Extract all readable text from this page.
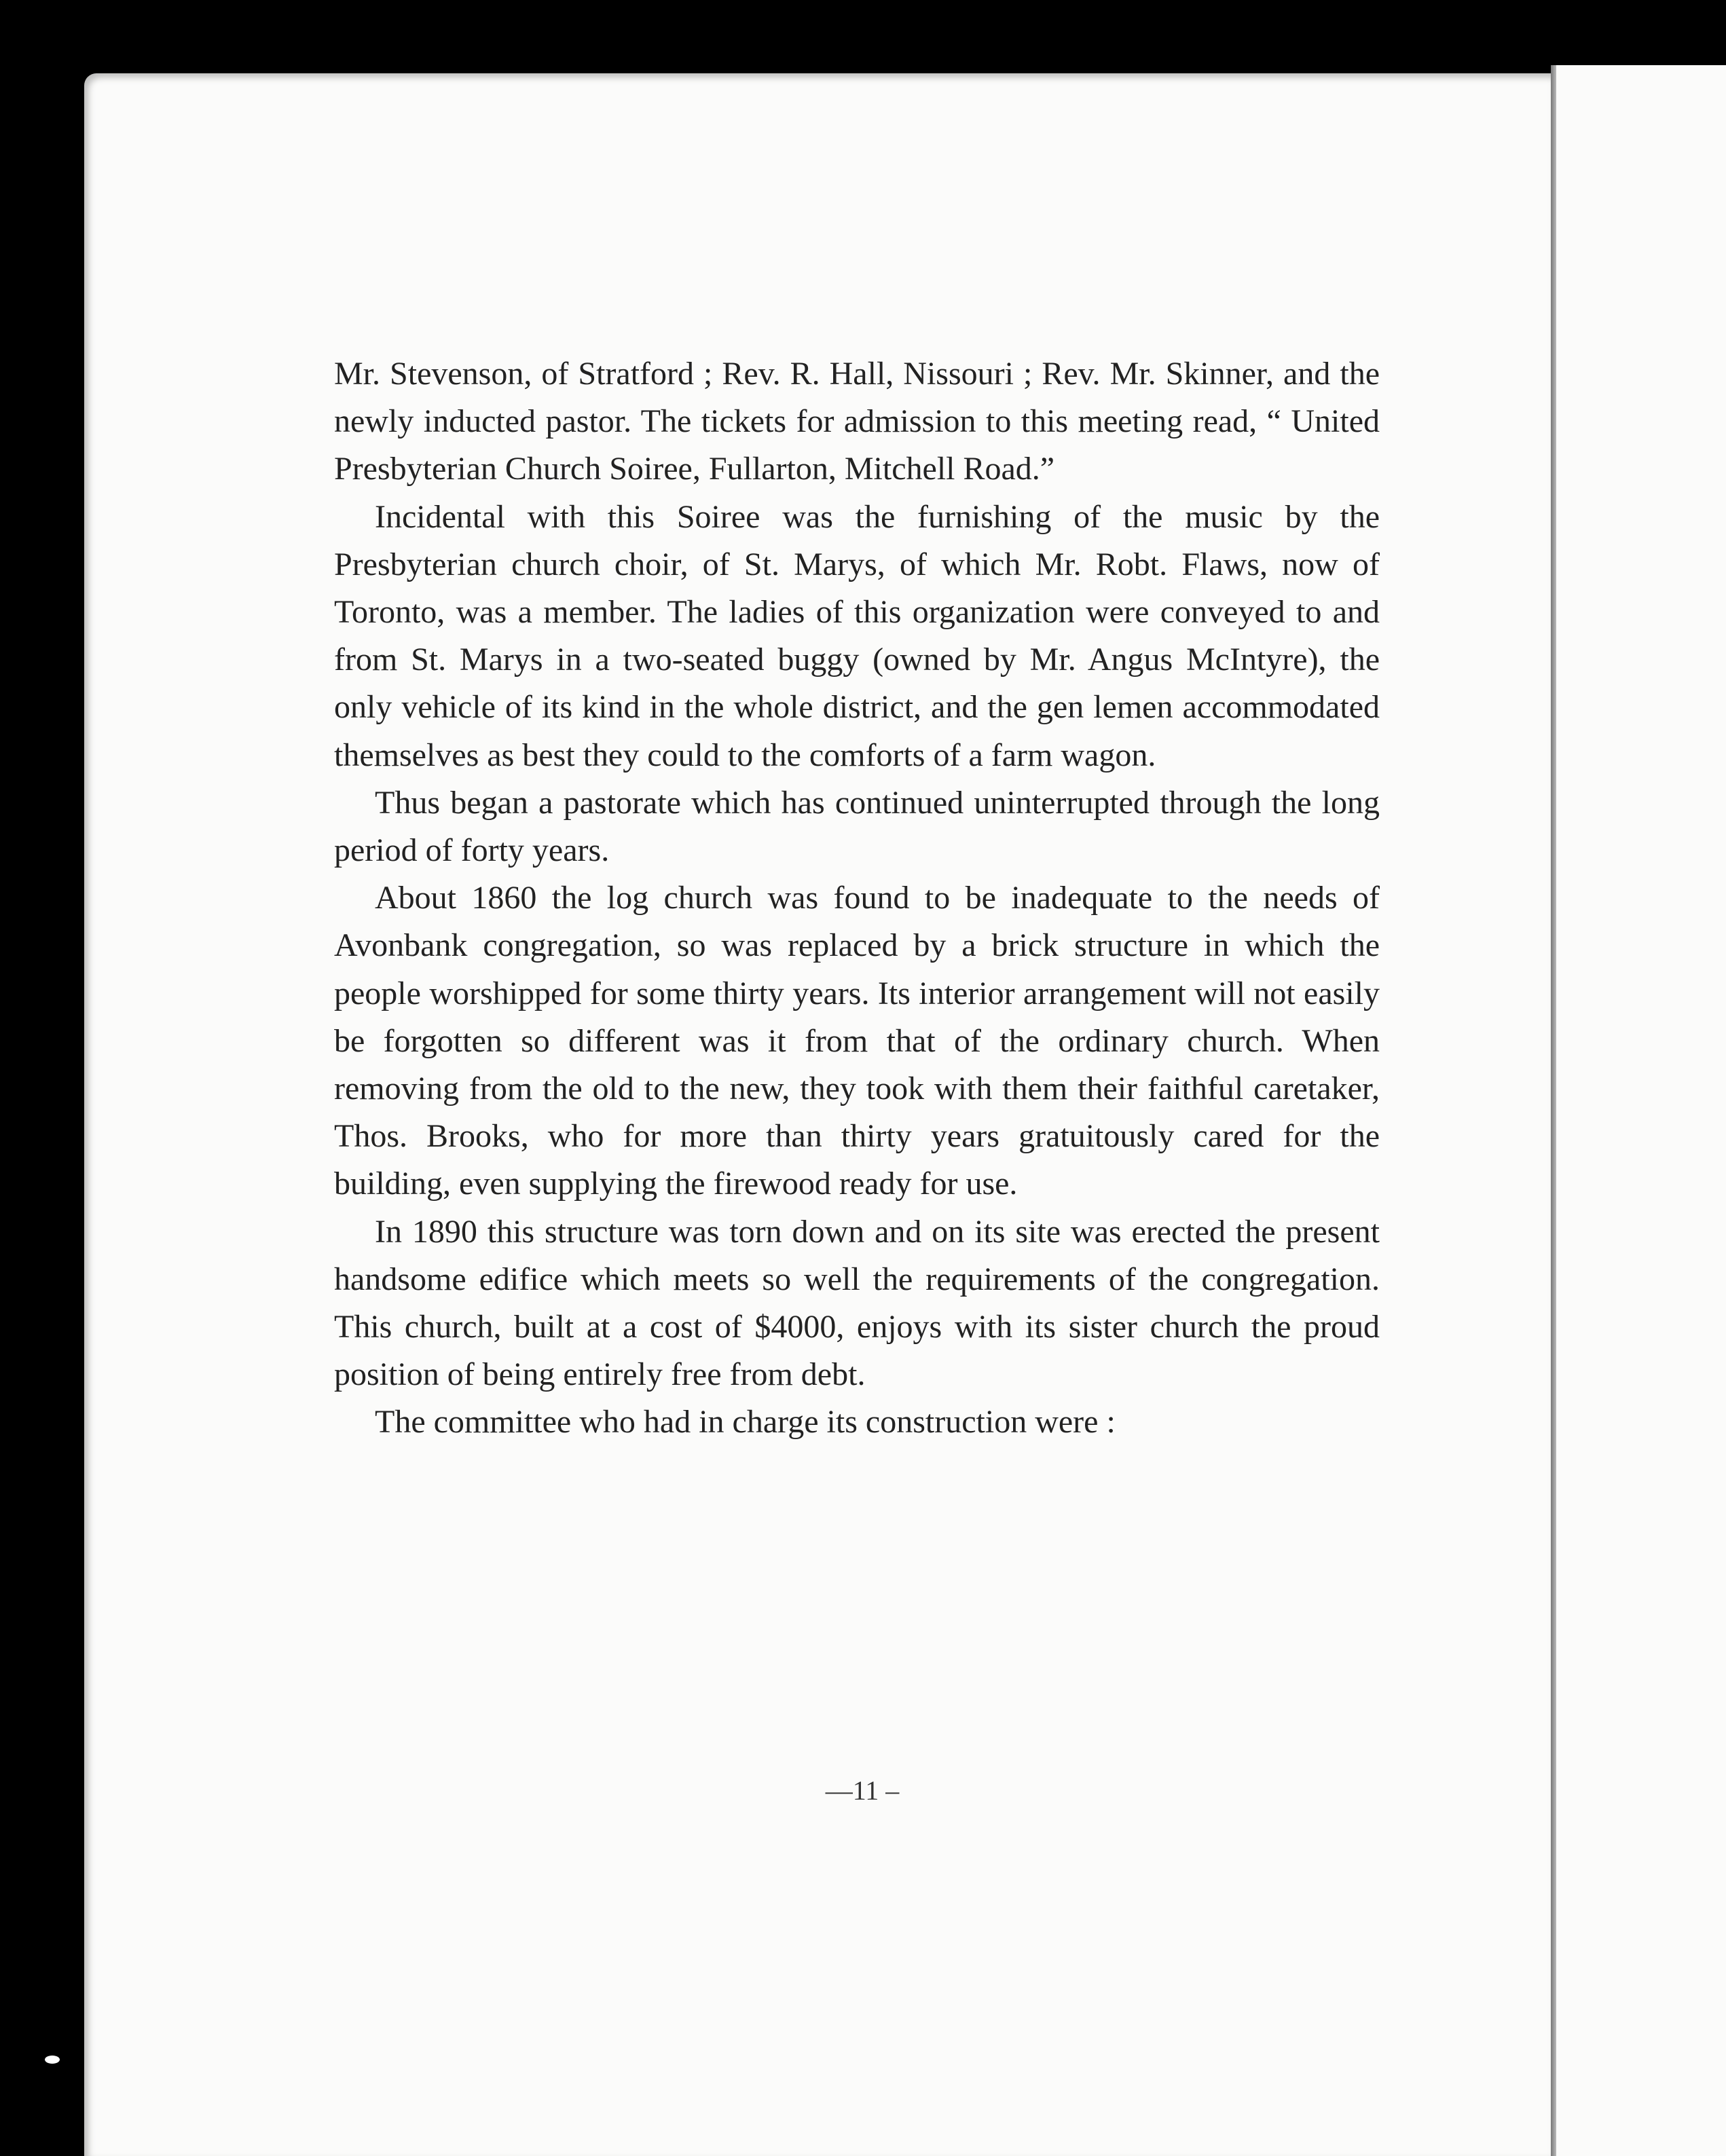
Mr. Stevenson, of Stratford ; Rev. R. Hall, Nissouri ; Rev. Mr. Skinner, and the newly inducted pastor. The tickets for admission to this meeting read, “ United Presbyterian Church Soiree, Fullarton, Mitchell Road.”

Incidental with this Soiree was the furnishing of the music by the Presbyterian church choir, of St. Marys, of which Mr. Robt. Flaws, now of Toronto, was a member. The ladies of this organization were conveyed to and from St. Marys in a two-seated buggy (owned by Mr. Angus McIntyre), the only vehicle of its kind in the whole district, and the gen lemen accommodated themselves as best they could to the comforts of a farm wagon.

Thus began a pastorate which has continued uninterrupted through the long period of forty years.

About 1860 the log church was found to be inadequate to the needs of Avonbank congregation, so was replaced by a brick structure in which the people worshipped for some thirty years. Its interior arrangement will not easily be forgotten so different was it from that of the ordinary church. When removing from the old to the new, they took with them their faithful caretaker, Thos. Brooks, who for more than thirty years gratuitously cared for the building, even supplying the firewood ready for use.

In 1890 this structure was torn down and on its site was erected the present handsome edifice which meets so well the requirements of the congregation. This church, built at a cost of $4000, enjoys with its sister church the proud position of being entirely free from debt.

The committee who had in charge its construction were :

—11 –
